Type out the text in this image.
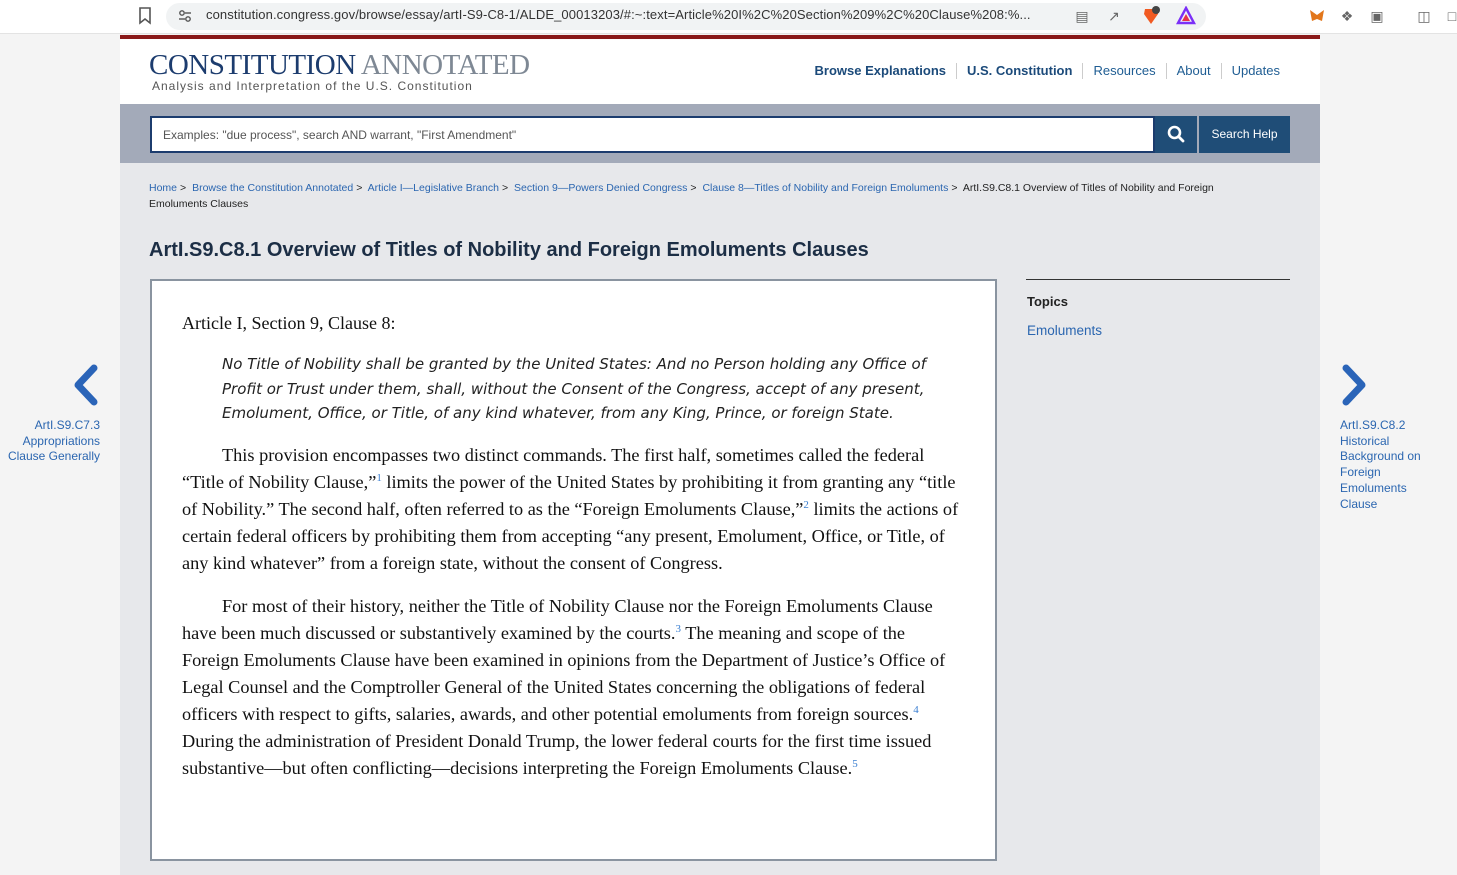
constitution.congress.gov/browse/essay/artI-S9-C8-1/ALDE_00013203/#:~:text=Article%20I%2C%20Section%209%2C%20Clause%208:%...	▤ ↗	❖ ▣ ◫	□
CONSTITUTION ANNOTATED
Analysis and Interpretation of the U.S. Constitution
Browse Explanations	U.S. Constitution	Resources	About	Updates
Examples: "due process", search AND warrant, "First Amendment"
Search Help
Home > Browse the Constitution Annotated > Article I—Legislative Branch > Section 9—Powers Denied Congress > Clause 8—Titles of Nobility and Foreign Emoluments > ArtI.S9.C8.1 Overview of Titles of Nobility and Foreign Emoluments Clauses
ArtI.S9.C8.1 Overview of Titles of Nobility and Foreign Emoluments Clauses
Article I, Section 9, Clause 8:
No Title of Nobility shall be granted by the United States: And no Person holding any Office of Profit or Trust under them, shall, without the Consent of the Congress, accept of any present, Emolument, Office, or Title, of any kind whatever, from any King, Prince, or foreign State.

This provision encompasses two distinct commands. The first half, sometimes called the federal “Title of Nobility Clause,”$^1$ limits the power of the United States by prohibiting it from granting any “title of Nobility.” The second half, often referred to as the “Foreign Emoluments Clause,”$^2$ limits the actions of certain federal officers by prohibiting them from accepting “any present, Emolument, Office, or Title, of any kind whatever” from a foreign state, without the consent of Congress.

For most of their history, neither the Title of Nobility Clause nor the Foreign Emoluments Clause have been much discussed or substantively examined by the courts.$^3$ The meaning and scope of the Foreign Emoluments Clause have been examined in opinions from the Department of Justice’s Office of Legal Counsel and the Comptroller General of the United States concerning the obligations of federal officers with respect to gifts, salaries, awards, and other potential emoluments from foreign sources.$^4$ During the administration of President Donald Trump, the lower federal courts for the first time issued substantive—but often conflicting—decisions interpreting the Foreign Emoluments Clause.$^5$

Topics
Emoluments
ArtI.S9.C7.3 Appropriations Clause Generally
ArtI.S9.C8.2 Historical Background on Foreign Emoluments Clause
